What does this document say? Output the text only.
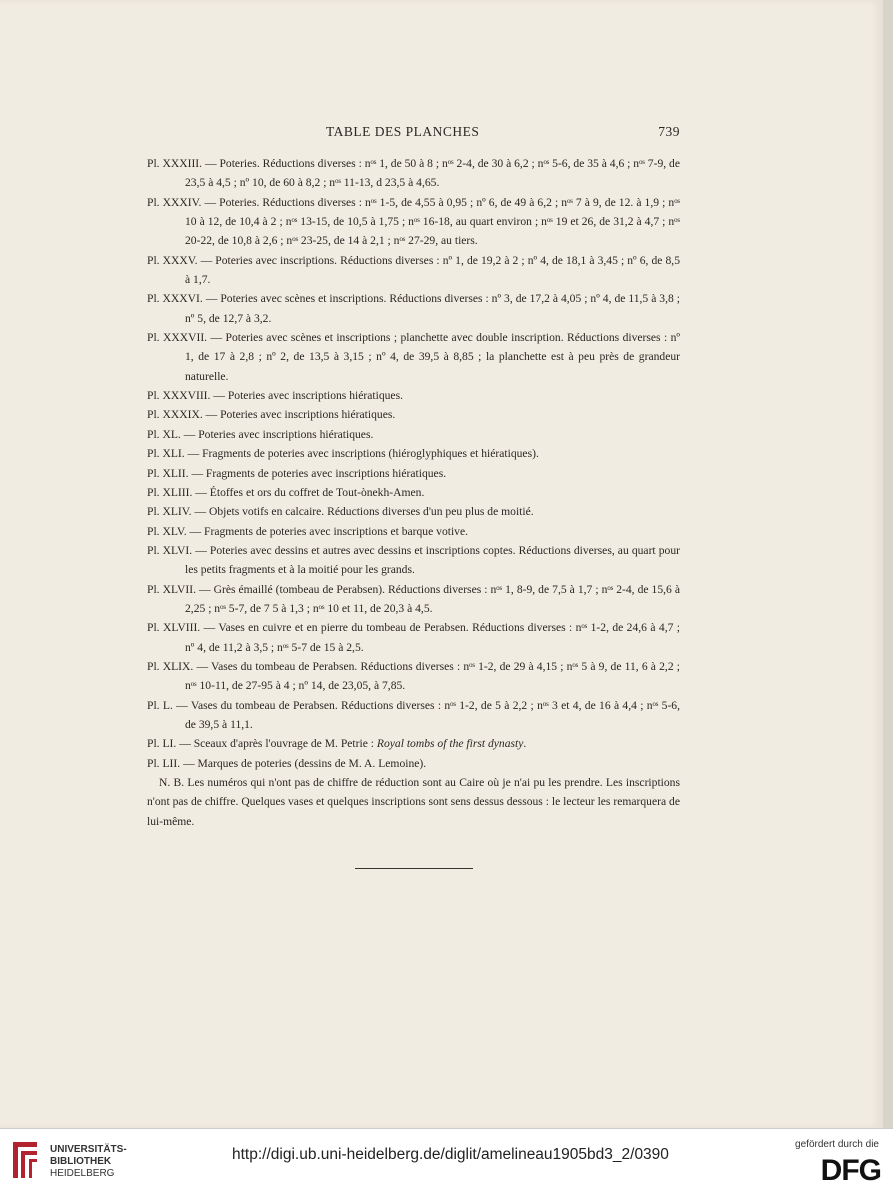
TABLE DES PLANCHES	739
Pl. XXXIII. — Poteries. Réductions diverses : nᵒˢ 1, de 50 à 8 ; nᵒˢ 2-4, de 30 à 6,2 ; nᵒˢ 5-6, de 35 à 4,6 ; nᵒˢ 7-9, de 23,5 à 4,5 ; nº 10, de 60 à 8,2 ; nᵒˢ 11-13, d 23,5 à 4,65.
Pl. XXXIV. — Poteries. Réductions diverses : nᵒˢ 1-5, de 4,55 à 0,95 ; nº 6, de 49 à 6,2 ; nᵒˢ 7 à 9, de 12. à 1,9 ; nᵒˢ 10 à 12, de 10,4 à 2 ; nᵒˢ 13-15, de 10,5 à 1,75 ; nᵒˢ 16-18, au quart environ ; nᵒˢ 19 et 26, de 31,2 à 4,7 ; nᵒˢ 20-22, de 10,8 à 2,6 ; nᵒˢ 23-25, de 14 à 2,1 ; nᵒˢ 27-29, au tiers.
Pl. XXXV. — Poteries avec inscriptions. Réductions diverses : nº 1, de 19,2 à 2 ; nº 4, de 18,1 à 3,45 ; nº 6, de 8,5 à 1,7.
Pl. XXXVI. — Poteries avec scènes et inscriptions. Réductions diverses : nº 3, de 17,2 à 4,05 ; nº 4, de 11,5 à 3,8 ; nº 5, de 12,7 à 3,2.
Pl. XXXVII. — Poteries avec scènes et inscriptions ; planchette avec double inscription. Réductions diverses : nº 1, de 17 à 2,8 ; nº 2, de 13,5 à 3,15 ; nº 4, de 39,5 à 8,85 ; la planchette est à peu près de grandeur naturelle.
Pl. XXXVIII. — Poteries avec inscriptions hiératiques.
Pl. XXXIX. — Poteries avec inscriptions hiératiques.
Pl. XL. — Poteries avec inscriptions hiératiques.
Pl. XLI. — Fragments de poteries avec inscriptions (hiéroglyphiques et hiératiques).
Pl. XLII. — Fragments de poteries avec inscriptions hiératiques.
Pl. XLIII. — Étoffes et ors du coffret de Tout-ònekh-Amen.
Pl. XLIV. — Objets votifs en calcaire. Réductions diverses d'un peu plus de moitié.
Pl. XLV. — Fragments de poteries avec inscriptions et barque votive.
Pl. XLVI. — Poteries avec dessins et autres avec dessins et inscriptions coptes. Réductions diverses, au quart pour les petits fragments et à la moitié pour les grands.
Pl. XLVII. — Grès émaillé (tombeau de Perabsen). Réductions diverses : nᵒˢ 1, 8-9, de 7,5 à 1,7 ; nᵒˢ 2-4, de 15,6 à 2,25 ; nᵒˢ 5-7, de 7 5 à 1,3 ; nᵒˢ 10 et 11, de 20,3 à 4,5.
Pl. XLVIII. — Vases en cuivre et en pierre du tombeau de Perabsen. Réductions diverses : nᵒˢ 1-2, de 24,6 à 4,7 ; nº 4, de 11,2 à 3,5 ; nᵒˢ 5-7 de 15 à 2,5.
Pl. XLIX. — Vases du tombeau de Perabsen. Réductions diverses : nᵒˢ 1-2, de 29 à 4,15 ; nᵒˢ 5 à 9, de 11, 6 à 2,2 ; nᵒˢ 10-11, de 27-95 à 4 ; nº 14, de 23,05, à 7,85.
Pl. L. — Vases du tombeau de Perabsen. Réductions diverses : nᵒˢ 1-2, de 5 à 2,2 ; nᵒˢ 3 et 4, de 16 à 4,4 ; nᵒˢ 5-6, de 39,5 à 11,1.
Pl. LI. — Sceaux d'après l'ouvrage de M. Petrie : Royal tombs of the first dynasty.
Pl. LII. — Marques de poteries (dessins de M. A. Lemoine).

N. B. Les numéros qui n'ont pas de chiffre de réduction sont au Caire où je n'ai pu les prendre. Les inscriptions n'ont pas de chiffre. Quelques vases et quelques inscriptions sont sens dessus dessous : le lecteur les remarquera de lui-même.

UNIVERSITÄTS-
BIBLIOTHEK
HEIDELBERG
http://digi.ub.uni-heidelberg.de/diglit/amelineau1905bd3_2/0390
gefördert durch die
DFG
